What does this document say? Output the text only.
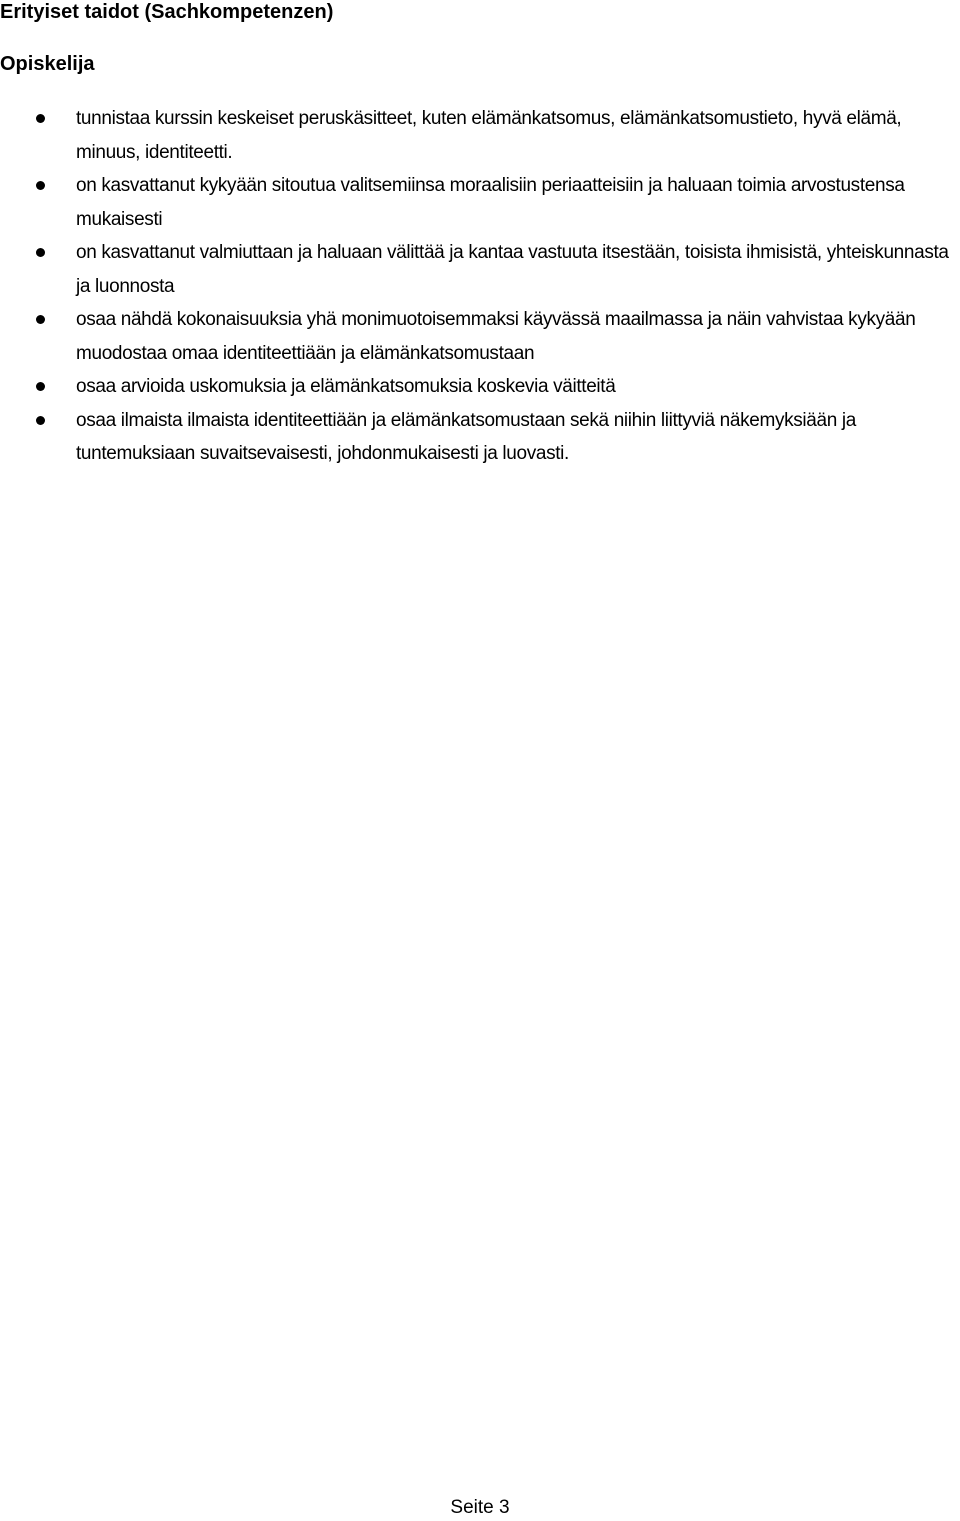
Erityiset taidot (Sachkompetenzen)
Opiskelija
tunnistaa kurssin keskeiset peruskäsitteet, kuten elämänkatsomus, elämänkatsomustieto, hyvä elämä, minuus, identiteetti.
on kasvattanut kykyään sitoutua valitsemiinsa moraalisiin periaatteisiin ja haluaan toimia arvostustensa mukaisesti
on kasvattanut valmiuttaan ja haluaan välittää ja kantaa vastuuta itsestään, toisista ihmisistä, yhteiskunnasta ja luonnosta
osaa nähdä kokonaisuuksia yhä monimuotoisemmaksi käyvässä maailmassa ja näin vahvistaa kykyään muodostaa omaa identiteettiään ja elämänkatsomustaan
osaa arvioida uskomuksia ja elämänkatsomuksia koskevia väitteitä
osaa ilmaista ilmaista identiteettiään ja elämänkatsomustaan sekä niihin liittyviä näkemyksiään ja tuntemuksiaan suvaitsevaisesti, johdonmukaisesti ja luovasti.
Seite 3
